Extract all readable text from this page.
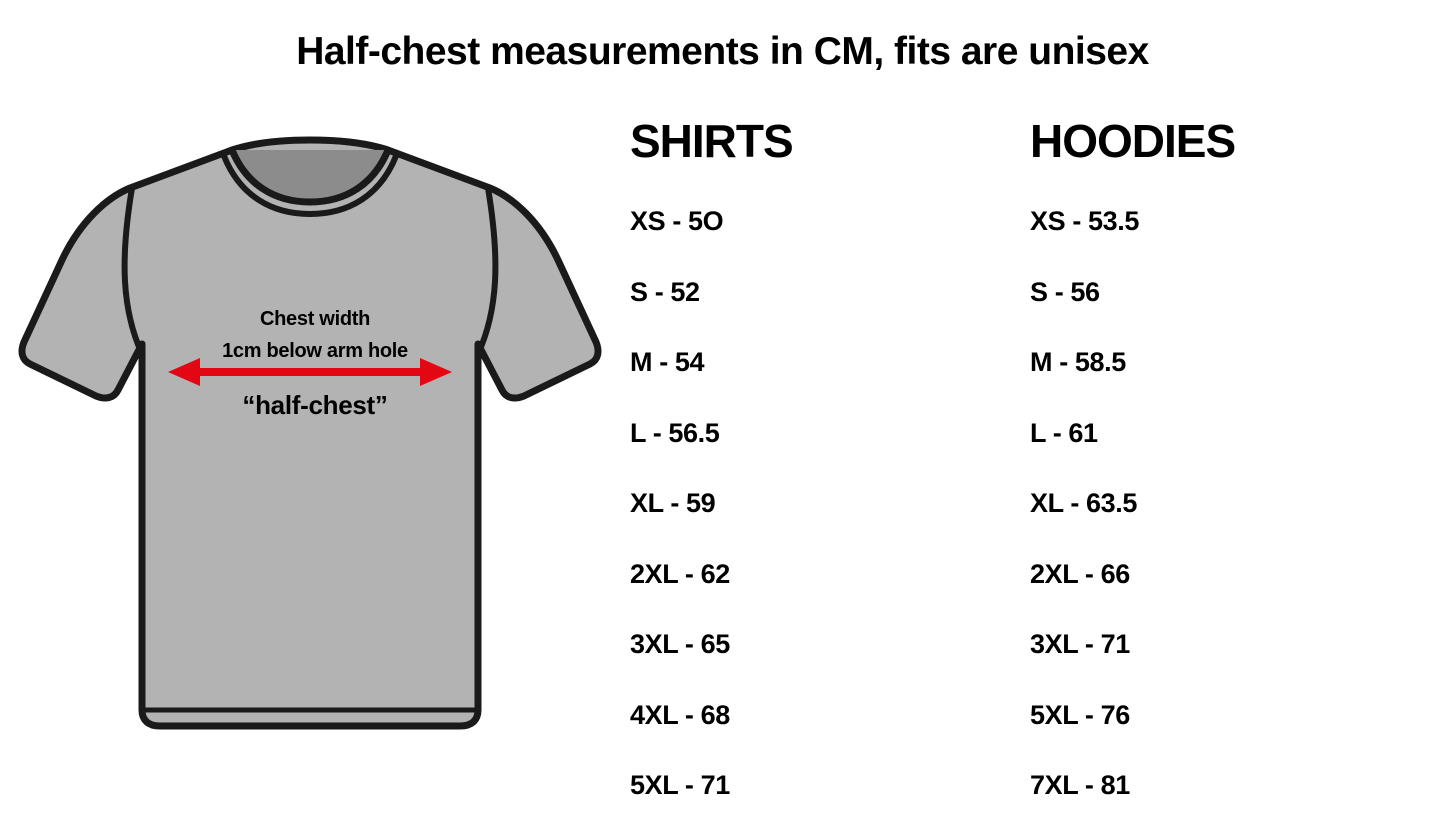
Half-chest measurements in CM, fits are unisex
Chest width
1cm below arm hole
“half-chest”
SHIRTS
XS - 5O
S - 52
M - 54
L - 56.5
XL - 59
2XL - 62
3XL - 65
4XL - 68
5XL - 71
HOODIES
XS - 53.5
S - 56
M - 58.5
L - 61
XL - 63.5
2XL - 66
3XL - 71
5XL - 76
7XL - 81
